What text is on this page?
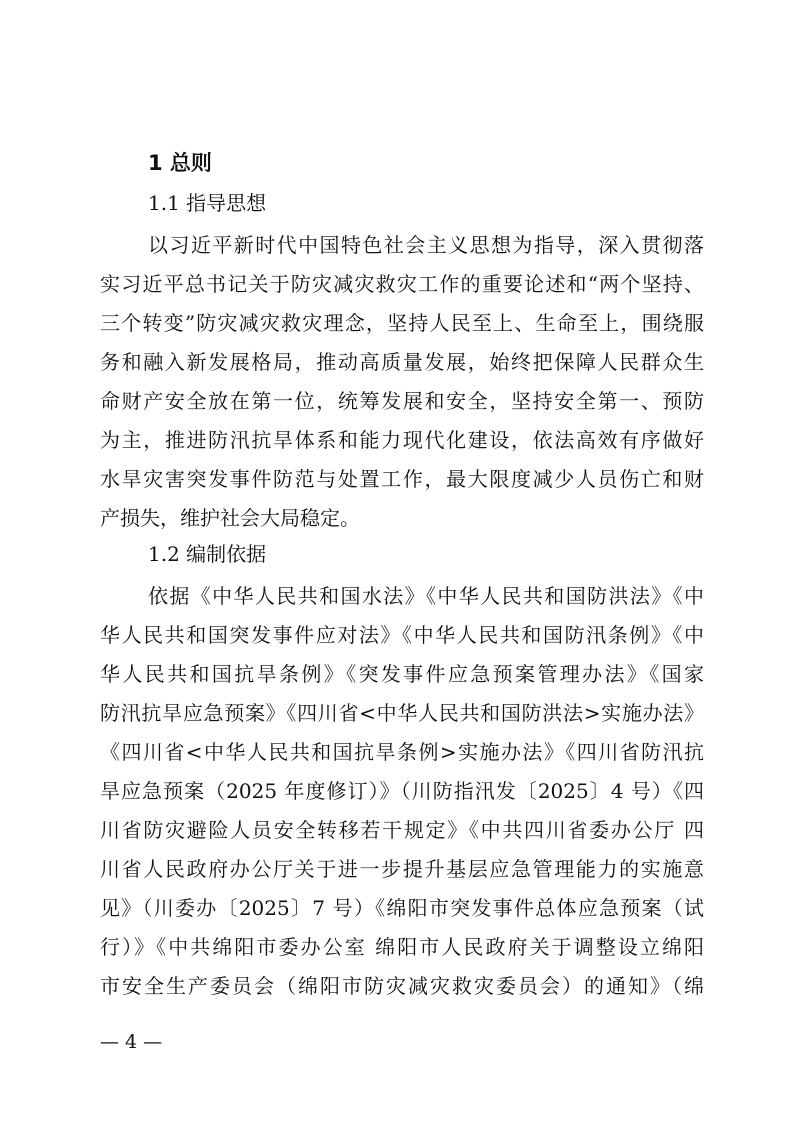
1 总则
1.1 指导思想
以习近平新时代中国特色社会主义思想为指导，深入贯彻落
实习近平总书记关于防灾减灾救灾工作的重要论述和“两个坚持、
三个转变”防灾减灾救灾理念，坚持人民至上、生命至上，围绕服
务和融入新发展格局，推动高质量发展，始终把保障人民群众生
命财产安全放在第一位，统筹发展和安全，坚持安全第一、预防
为主，推进防汛抗旱体系和能力现代化建设，依法高效有序做好
水旱灾害突发事件防范与处置工作，最大限度减少人员伤亡和财
产损失，维护社会大局稳定。
1.2 编制依据
依据《中华人民共和国水法》《中华人民共和国防洪法》《中
华人民共和国突发事件应对法》《中华人民共和国防汛条例》《中
华人民共和国抗旱条例》《突发事件应急预案管理办法》《国家
防汛抗旱应急预案》《四川省<中华人民共和国防洪法>实施办法》
《四川省<中华人民共和国抗旱条例>实施办法》《四川省防汛抗
旱应急预案（2025 年度修订）》（川防指汛发〔2025〕4 号）《四
川省防灾避险人员安全转移若干规定》《中共四川省委办公厅 四
川省人民政府办公厅关于进一步提升基层应急管理能力的实施意
见》（川委办〔2025〕7 号）《绵阳市突发事件总体应急预案（试
行）》《中共绵阳市委办公室 绵阳市人民政府关于调整设立绵阳
市安全生产委员会（绵阳市防灾减灾救灾委员会）的通知》（绵
— 4 —
